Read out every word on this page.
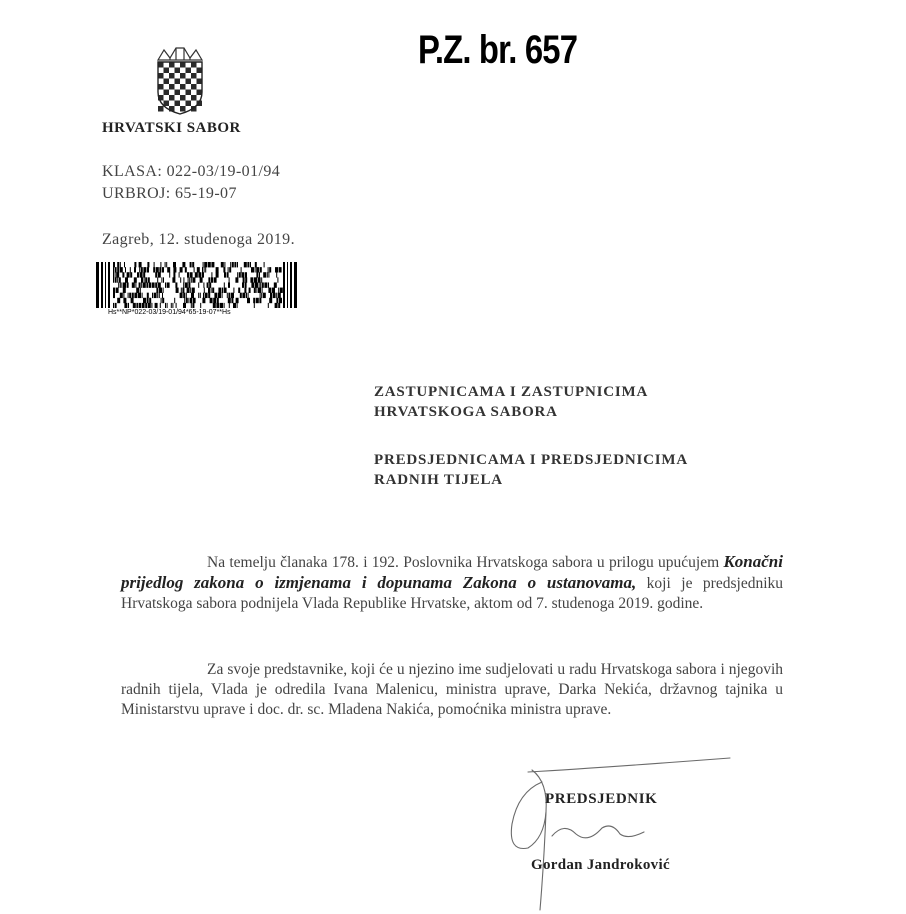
P.Z. br. 657
HRVATSKI SABOR
KLASA: 022-03/19-01/94
URBROJ: 65-19-07
Zagreb, 12. studenoga 2019.
Hs**NP*022-03/19-01/94*65-19-07**Hs
ZASTUPNICAMA I ZASTUPNICIMA
HRVATSKOGA SABORA
PREDSJEDNICAMA I PREDSJEDNICIMA
RADNIH TIJELA
Na temelju članaka 178. i 192. Poslovnika Hrvatskoga sabora u prilogu upućujem Konačni prijedlog zakona o izmjenama i dopunama Zakona o ustanovama, koji je predsjedniku Hrvatskoga sabora podnijela Vlada Republike Hrvatske, aktom od 7. studenoga 2019. godine.
Za svoje predstavnike, koji će u njezino ime sudjelovati u radu Hrvatskoga sabora i njegovih radnih tijela, Vlada je odredila Ivana Malenicu, ministra uprave, Darka Nekića, državnog tajnika u Ministarstvu uprave i doc. dr. sc. Mladena Nakića, pomoćnika ministra uprave.
PREDSJEDNIK
Gordan Jandroković
